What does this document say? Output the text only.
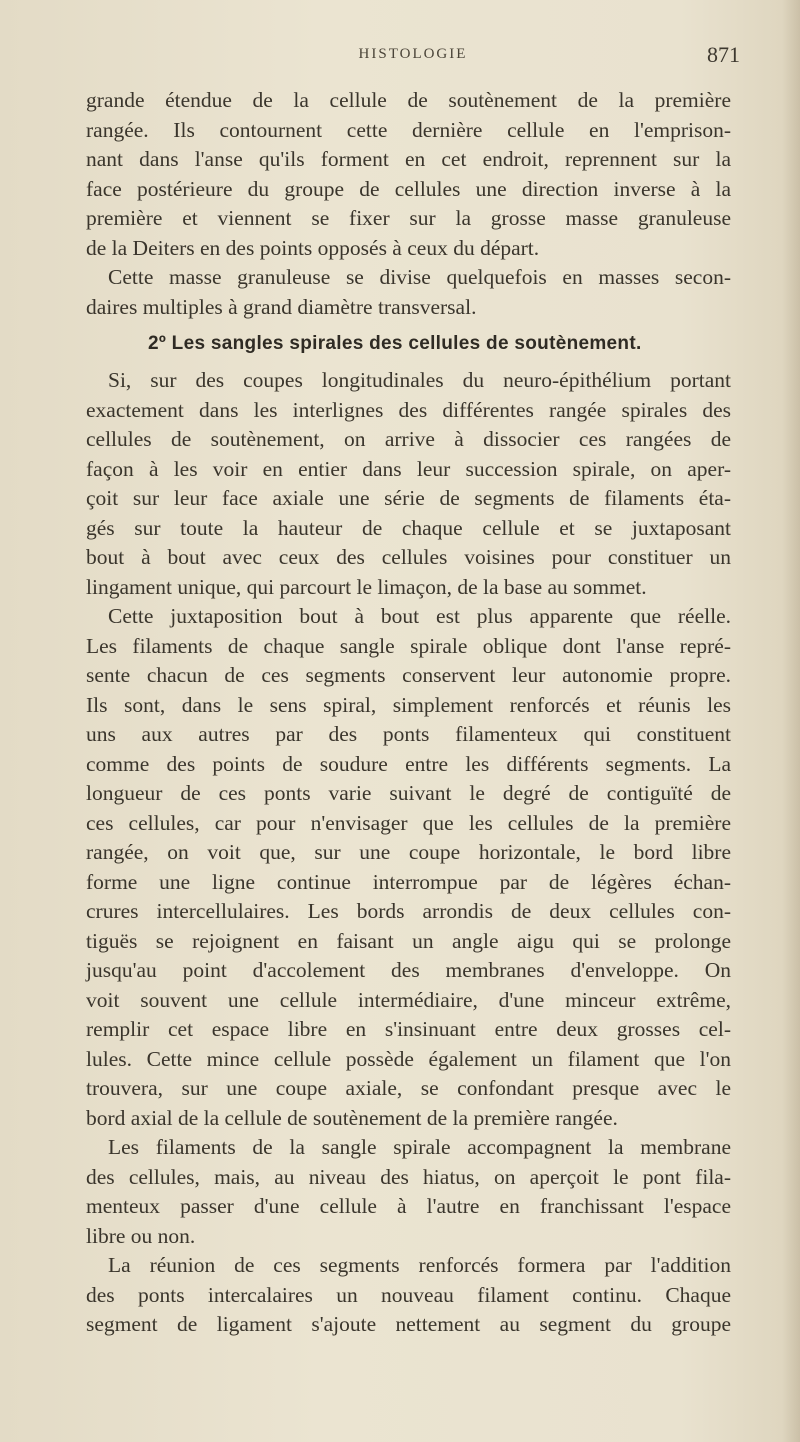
HISTOLOGIE	871
grande étendue de la cellule de soutènement de la première
rangée. Ils contournent cette dernière cellule en l'emprison-
nant dans l'anse qu'ils forment en cet endroit, reprennent sur la
face postérieure du groupe de cellules une direction inverse à la
première et viennent se fixer sur la grosse masse granuleuse
de la Deiters en des points opposés à ceux du départ.
Cette masse granuleuse se divise quelquefois en masses secon-
daires multiples à grand diamètre transversal.
2º Les sangles spirales des cellules de soutènement.
Si, sur des coupes longitudinales du neuro-épithélium portant
exactement dans les interlignes des différentes rangée spirales des
cellules de soutènement, on arrive à dissocier ces rangées de
façon à les voir en entier dans leur succession spirale, on aper-
çoit sur leur face axiale une série de segments de filaments éta-
gés sur toute la hauteur de chaque cellule et se juxtaposant
bout à bout avec ceux des cellules voisines pour constituer un
lingament unique, qui parcourt le limaçon, de la base au sommet.
Cette juxtaposition bout à bout est plus apparente que réelle.
Les filaments de chaque sangle spirale oblique dont l'anse repré-
sente chacun de ces segments conservent leur autonomie propre.
Ils sont, dans le sens spiral, simplement renforcés et réunis les
uns aux autres par des ponts filamenteux qui constituent
comme des points de soudure entre les différents segments. La
longueur de ces ponts varie suivant le degré de contiguïté de
ces cellules, car pour n'envisager que les cellules de la première
rangée, on voit que, sur une coupe horizontale, le bord libre
forme une ligne continue interrompue par de légères échan-
crures intercellulaires. Les bords arrondis de deux cellules con-
tiguës se rejoignent en faisant un angle aigu qui se prolonge
jusqu'au point d'accolement des membranes d'enveloppe. On
voit souvent une cellule intermédiaire, d'une minceur extrême,
remplir cet espace libre en s'insinuant entre deux grosses cel-
lules. Cette mince cellule possède également un filament que l'on
trouvera, sur une coupe axiale, se confondant presque avec le
bord axial de la cellule de soutènement de la première rangée.
Les filaments de la sangle spirale accompagnent la membrane
des cellules, mais, au niveau des hiatus, on aperçoit le pont fila-
menteux passer d'une cellule à l'autre en franchissant l'espace
libre ou non.
La réunion de ces segments renforcés formera par l'addition
des ponts intercalaires un nouveau filament continu. Chaque
segment de ligament s'ajoute nettement au segment du groupe
